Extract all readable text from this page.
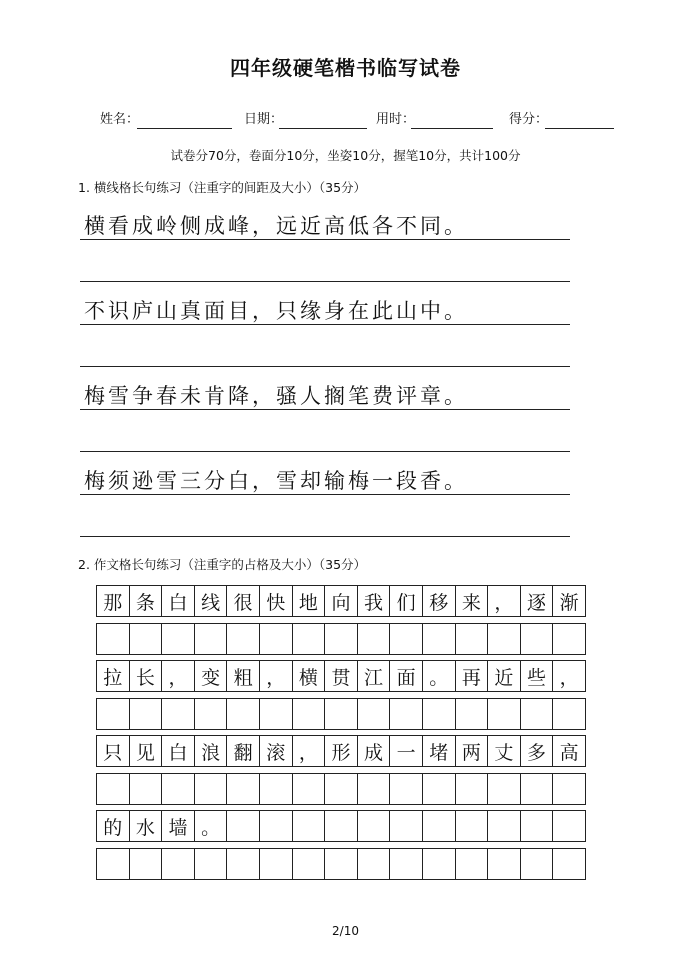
四年级硬笔楷书临写试卷
姓名：	日期：	用时：	得分：
试卷分70分，卷面分10分，坐姿10分，握笔10分，共计100分
1. 横线格长句练习（注重字的间距及大小）（35分）
横看成岭侧成峰，远近高低各不同。
不识庐山真面目，只缘身在此山中。
梅雪争春未肯降，骚人搁笔费评章。
梅须逊雪三分白，雪却输梅一段香。
2. 作文格长句练习（注重字的占格及大小）（35分）
那 条 白 线 很 快 地 向 我 们 移 来 ， 逐 渐
拉 长 ， 变 粗 ， 横 贯 江 面 。 再 近 些 ，
只 见 白 浪 翻 滚 ， 形 成 一 堵 两 丈 多 高
的 水 墙 。
2/10
